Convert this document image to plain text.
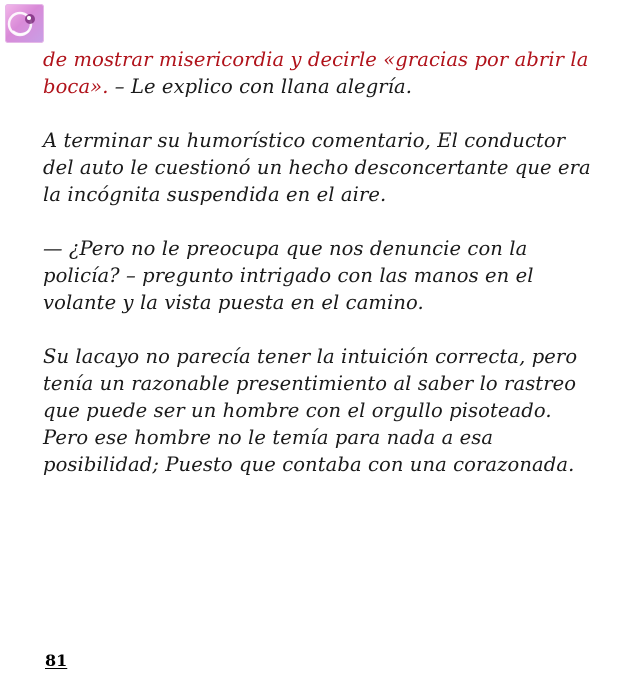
de mostrar misericordia y decirle «gracias por abrir la boca». – Le explico con llana alegría.

A terminar su humorístico comentario, El conductor del auto le cuestionó un hecho desconcertante que era la incógnita suspendida en el aire.

— ¿Pero no le preocupa que nos denuncie con la policía? – pregunto intrigado con las manos en el volante y la vista puesta en el camino.

Su lacayo no parecía tener la intuición correcta, pero tenía un razonable presentimiento al saber lo rastreo que puede ser un hombre con el orgullo pisoteado.

Pero ese hombre no le temía para nada a esa posibilidad; Puesto que contaba con una corazonada.

81
